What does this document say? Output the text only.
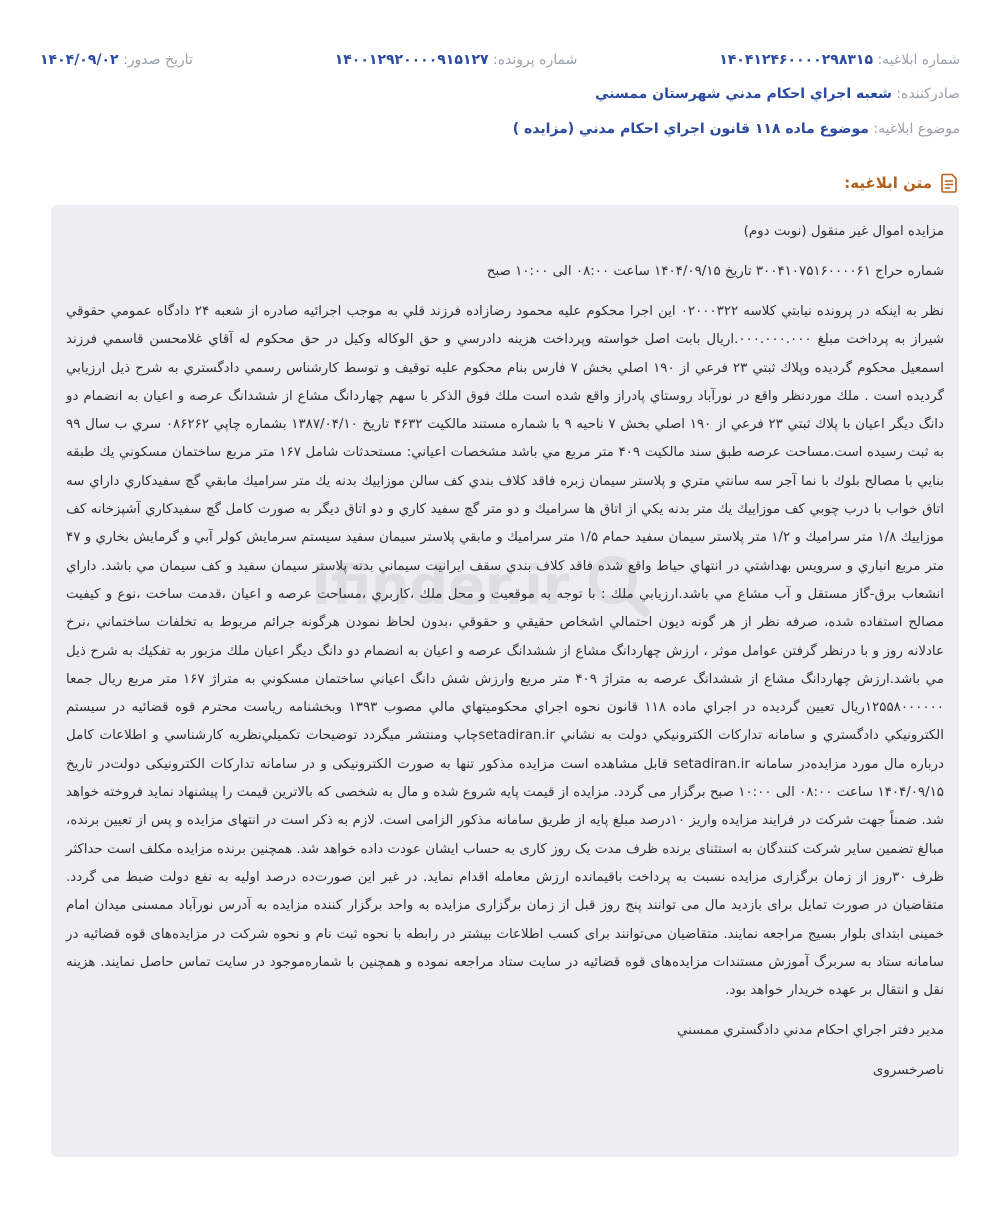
شماره ابلاغيه: ۱۴۰۴۱۲۴۶۰۰۰۰۲۹۸۳۱۵
شماره پرونده: ۱۴۰۰۱۲۹۲۰۰۰۰۹۱۵۱۲۷
تاريخ صدور: ۱۴۰۴/۰۹/۰۲
صادرکننده: شعبه اجراي احكام مدني شهرستان ممسني
موضوع ابلاغيه: موضوع ماده ۱۱۸ قانون اجراي احكام مدني (مزايده )
متن ابلاغيه:
Ifinder.ir

مزايده اموال غير منقول (نوبت دوم)

شماره حراج ۳۰۰۴۱۰۷۵۱۶۰۰۰۰۶۱ تاريخ ۱۴۰۴/۰۹/۱۵ ساعت ۰۸:۰۰ الی ۱۰:۰۰ صبح

نظر به اينكه در پرونده نيابتي كلاسه ۰۲۰۰۰۳۲۲ اين اجرا محكوم عليه محمود رضازاده فرزند قلي به موجب اجرائيه صادره از شعبه ۲۴ دادگاه عمومي حقوقي شيراز به پرداخت مبلغ ۰۰۰.۰۰۰.۰۰۰.اريال بابت اصل خواسته وپرداخت هزينه دادرسي و حق الوكاله وكيل در حق محكوم له آقاي غلامحسن قاسمي فرزند اسمعيل محكوم گرديده وپلاك ثبتي ۲۳ فرعي از ۱۹۰ اصلي بخش ۷ فارس بنام محكوم عليه توقيف و توسط كارشناس رسمي دادگستري به شرح ذيل ارزيابي گرديده است . ملك موردنظر واقع در نورآباد روستاي پادراز واقع شده است ملك فوق الذكر با سهم چهاردانگ مشاع از ششدانگ عرصه و اعيان به انضمام دو دانگ ديگر اعيان با پلاك ثبتي ۲۳ فرعي از ۱۹۰ اصلي بخش ۷ ناحيه ۹ با شماره مستند مالكيت ۴۶۳۲ تاريخ ۱۳۸۷/۰۴/۱۰ بشماره چاپي ۰۸۶۲۶۲ سري ب سال ۹۹ به ثبت رسيده است.مساحت عرصه طبق سند مالكيت ۴۰۹ متر مربع مي باشد مشخصات اعياني: مستحدثات شامل ۱۶۷ متر مربع ساختمان مسكوني يك طبقه بنايي با مصالح بلوك با نما آجر سه سانتي متري و پلاستر سيمان زبره فاقد كلاف بندي كف سالن موزاييك بدنه يك متر سراميك مابقي گچ سفيدكاري داراي سه اتاق خواب با درب چوبي كف موزاييك يك متر بدنه يكي از اتاق ها سراميك و دو متر گچ سفيد كاري و دو اتاق ديگر به صورت كامل گچ سفيدكاري آشپزخانه كف موزاييك ۱/۸ متر سراميك و ۱/۲ متر پلاستر سيمان سفيد حمام ۱/۵ متر سراميك و مابقي پلاستر سيمان سفيد سيستم سرمايش كولر آبي و گرمايش بخاري و ۴۷ متر مربع انباري و سرويس بهداشتي در انتهاي حياط واقع شده فاقد كلاف بندي سقف ايرانيت سيماني بدنه پلاستر سيمان سفيد و كف سيمان مي باشد. داراي انشعاب برق-گاز مستقل و آب مشاع مي باشد.ارزيابي ملك : با توجه به موقعيت و محل ملك ،كاربري ،مساحت عرصه و اعيان ،قدمت ساخت ،نوع و كيفيت مصالح استفاده شده، صرفه نظر از هر گونه ديون احتمالي اشخاص حقيقي و حقوقي ،بدون لحاظ نمودن هرگونه جرائم مربوط به تخلفات ساختماني ،نرخ عادلانه روز و با درنظر گرفتن عوامل موثر ، ارزش چهاردانگ مشاع از ششدانگ عرصه و اعيان به انضمام دو دانگ ديگر اعيان ملك مزبور به تفكيك به شرح ذيل مي باشد.ارزش چهاردانگ مشاع از ششدانگ عرصه به متراژ ۴۰۹ متر مربع وارزش شش دانگ اعياني ساختمان مسكوني به متراژ ۱۶۷ متر مربع ريال جمعا ۱۲۵۵۸۰۰۰۰۰۰ريال تعيين گرديده در اجراي ماده ۱۱۸ قانون نحوه اجراي محكوميتهاي مالي مصوب ۱۳۹۳ وبخشنامه رياست محترم قوه قضائيه در سيستم الكترونيكي دادگستري و سامانه تداركات الكترونيكي دولت به نشاني setadiran.irچاپ ومنتشر ميگردد توضيحات تكميلي‌نظريه كارشناسي و اطلاعات كامل درباره مال مورد مزايده‌در سامانه setadiran.ir قابل مشاهده است مزایده مذکور تنها به صورت الکترونیکی و در سامانه تدارکات الکترونیکی دولت‌در تاریخ ۱۴۰۴/۰۹/۱۵ ساعت ۰۸:۰۰ الی ۱۰:۰۰ صبح برگزار می گردد. مزایده از قیمت پایه شروع شده و مال به شخصی که بالاترین قیمت را پیشنهاد نماید فروخته خواهد شد. ضمناً جهت شرکت در فرایند مزایده واریز ۱۰درصد مبلغ پایه از طریق سامانه مذکور الزامی است. لازم به ذکر است در انتهای مزایده و پس از تعیین برنده، مبالغ تضمین سایر شرکت کنندگان به استثنای برنده ظرف مدت یک روز کاری به حساب ایشان عودت داده خواهد شد. همچنین برنده مزایده مکلف است حداکثر ظرف ۳۰روز از زمان برگزاری مزایده نسبت به پرداخت باقیمانده ارزش معامله اقدام نماید. در غیر این صورت‌ده درصد اولیه به نفع دولت ضبط می گردد. متقاضیان در صورت تمایل برای بازدید مال می توانند پنج روز قبل از زمان برگزاری مزایده به واحد برگزار کننده مزایده به آدرس نورآباد ممسنی میدان امام خمینی ابتدای بلوار بسیج مراجعه نمایند. متقاضیان می‌توانند برای کسب اطلاعات بیشتر در رابطه با نحوه ثبت نام و نحوه شرکت در مزایده‌های قوه قضائیه در سامانه ستاد به سربرگ آموزش مستندات مزایده‌های قوه قضائیه در سایت ستاد مراجعه نموده و همچنین با شماره‌موجود در سایت تماس حاصل نمایند. هزینه نقل و انتقال بر عهده خریدار خواهد بود.

مدير دفتر اجراي احكام مدني دادگستري ممسني

ناصرخسروی
